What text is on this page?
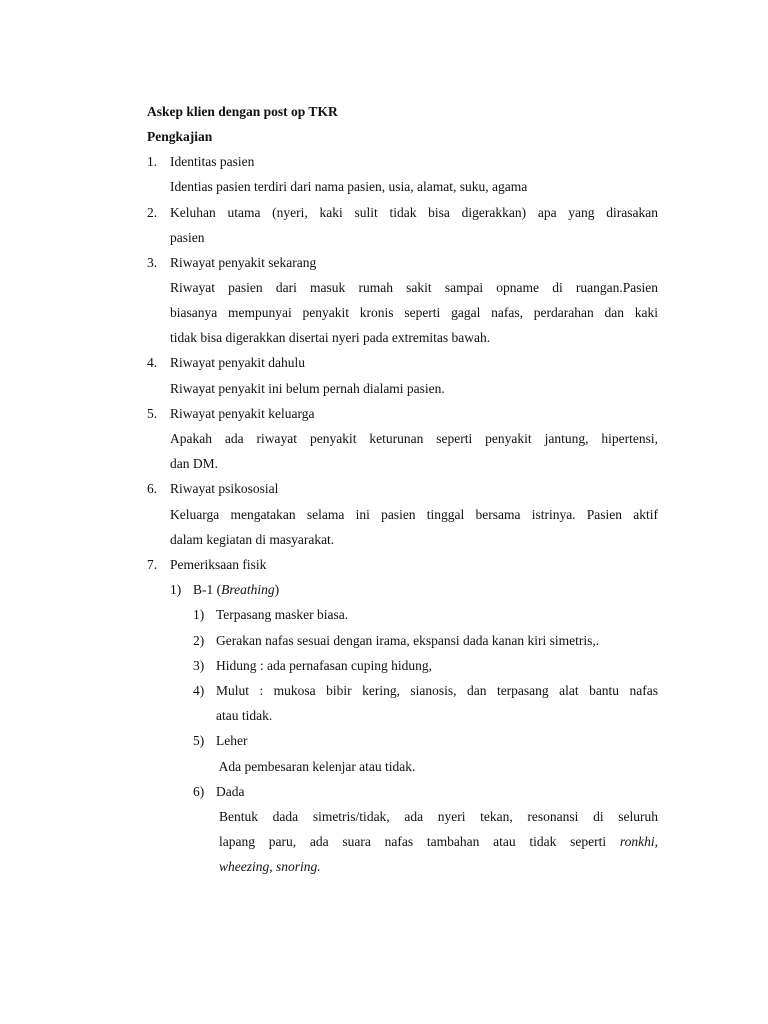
Askep klien dengan post op TKR
Pengkajian
1. Identitas pasien
Identias pasien terdiri dari nama pasien, usia, alamat, suku, agama
2. Keluhan utama (nyeri, kaki sulit tidak bisa digerakkan) apa yang dirasakan
pasien
3. Riwayat penyakit sekarang
Riwayat pasien dari masuk rumah sakit sampai opname di ruangan.Pasien
biasanya mempunyai penyakit kronis seperti gagal nafas, perdarahan dan kaki
tidak bisa digerakkan disertai nyeri pada extremitas bawah.
4. Riwayat penyakit dahulu
Riwayat penyakit ini belum pernah dialami pasien.
5. Riwayat penyakit keluarga
Apakah ada riwayat penyakit keturunan seperti penyakit jantung, hipertensi,
dan DM.
6. Riwayat psikososial
Keluarga mengatakan selama ini pasien tinggal bersama istrinya. Pasien aktif
dalam kegiatan di masyarakat.
7. Pemeriksaan fisik
1) B-1 (Breathing)
1) Terpasang masker biasa.
2) Gerakan nafas sesuai dengan irama, ekspansi dada kanan kiri simetris,.
3) Hidung : ada pernafasan cuping hidung,
4) Mulut : mukosa bibir kering, sianosis, dan terpasang alat bantu nafas
atau tidak.
5) Leher
Ada pembesaran kelenjar atau tidak.
6) Dada
Bentuk dada simetris/tidak, ada nyeri tekan, resonansi di seluruh
lapang paru, ada suara nafas tambahan atau tidak seperti ronkhi,
wheezing, snoring.
